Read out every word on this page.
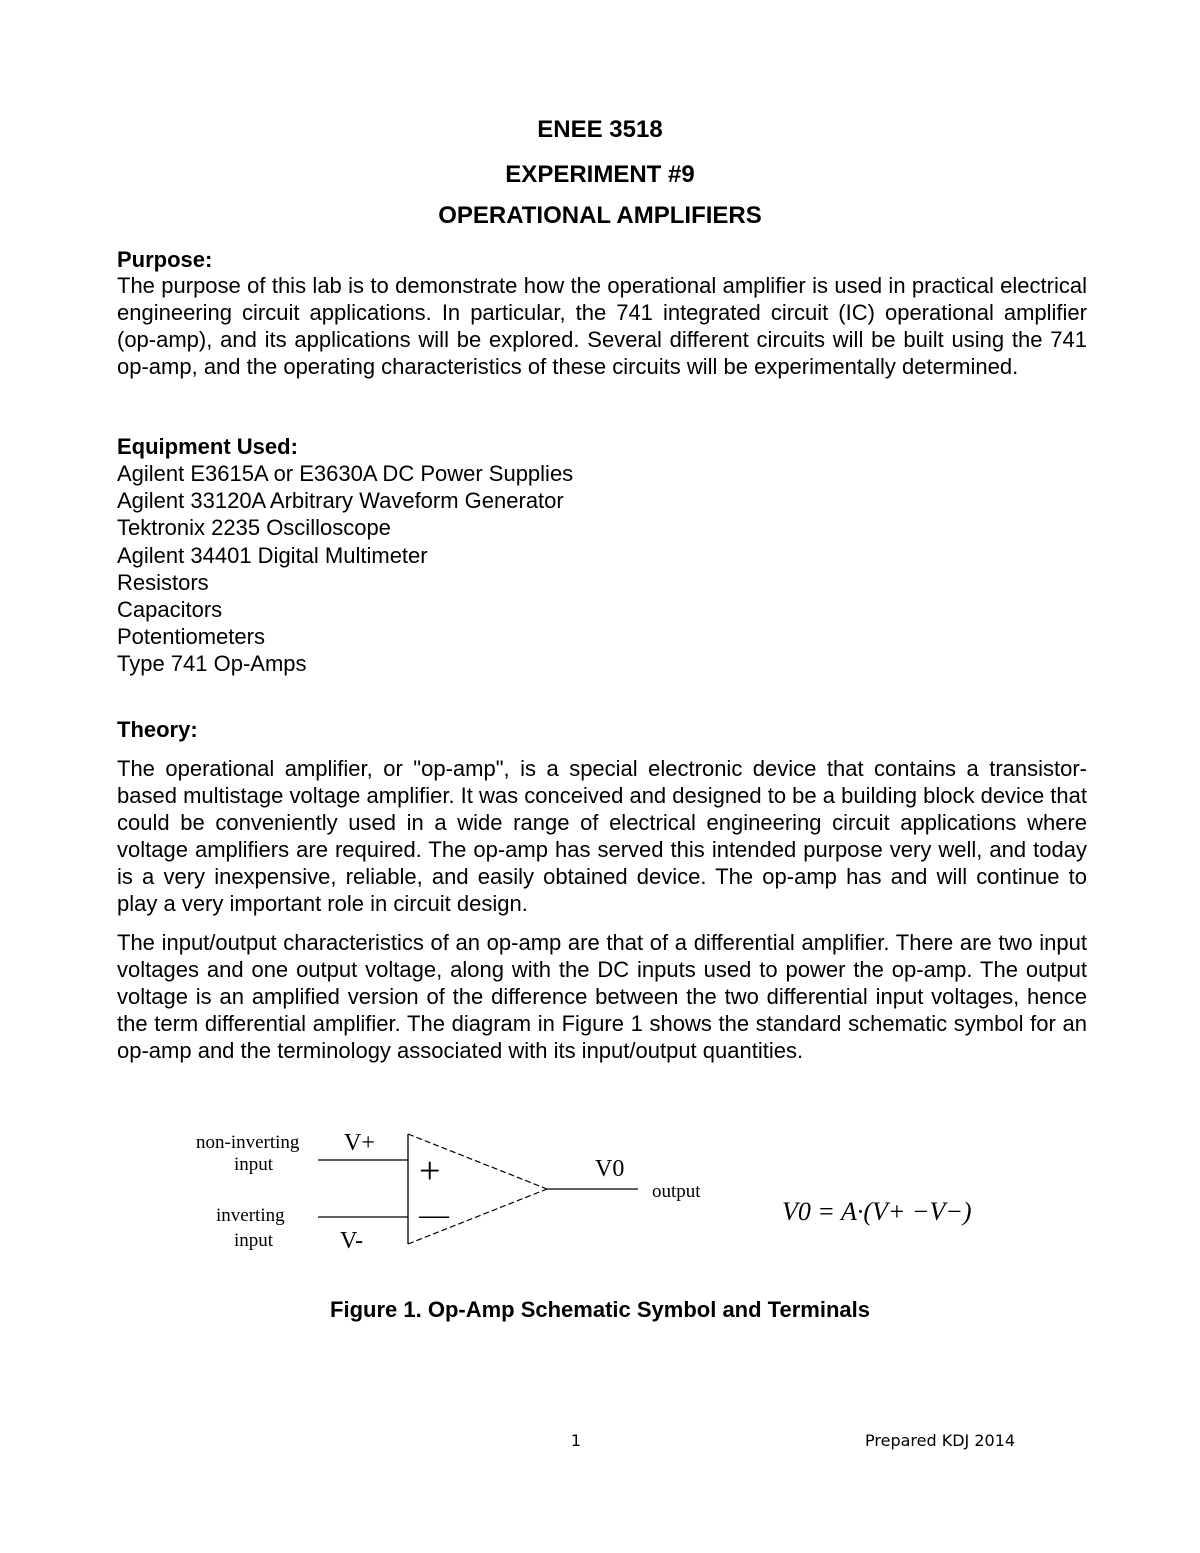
ENEE 3518
EXPERIMENT #9
OPERATIONAL AMPLIFIERS
Purpose:
The purpose of this lab is to demonstrate how the operational amplifier is used in practical electrical engineering circuit applications. In particular, the 741 integrated circuit (IC) operational amplifier (op-amp), and its applications will be explored. Several different circuits will be built using the 741 op-amp, and the operating characteristics of these circuits will be experimentally determined.
Equipment Used:
Agilent E3615A or E3630A DC Power Supplies
Agilent 33120A Arbitrary Waveform Generator
Tektronix 2235 Oscilloscope
Agilent 34401 Digital Multimeter
Resistors
Capacitors
Potentiometers
Type 741 Op-Amps
Theory:
The operational amplifier, or "op-amp", is a special electronic device that contains a transistor-based multistage voltage amplifier. It was conceived and designed to be a building block device that could be conveniently used in a wide range of electrical engineering circuit applications where voltage amplifiers are required. The op-amp has served this intended purpose very well, and today is a very inexpensive, reliable, and easily obtained device. The op-amp has and will continue to play a very important role in circuit design.
The input/output characteristics of an op-amp are that of a differential amplifier. There are two input voltages and one output voltage, along with the DC inputs used to power the op-amp. The output voltage is an amplified version of the difference between the two differential input voltages, hence the term differential amplifier. The diagram in Figure 1 shows the standard schematic symbol for an op-amp and the terminology associated with its input/output quantities.
non-inverting
input
inverting
input
V+
V-
+
—
V0
output
V0 = A·(V+ −V−)
Figure 1. Op-Amp Schematic Symbol and Terminals
1	Prepared KDJ 2014
